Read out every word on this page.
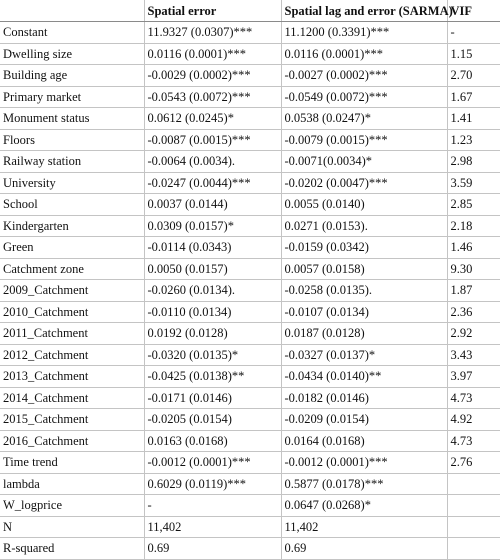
	Spatial error	Spatial lag and error (SARMA)	VIF
Constant	11.9327 (0.0307)***	11.1200 (0.3391)***	-
Dwelling size	0.0116 (0.0001)***	0.0116 (0.0001)***	1.15
Building age	-0.0029 (0.0002)***	-0.0027 (0.0002)***	2.70
Primary market	-0.0543 (0.0072)***	-0.0549 (0.0072)***	1.67
Monument status	0.0612 (0.0245)*	0.0538 (0.0247)*	1.41
Floors	-0.0087 (0.0015)***	-0.0079 (0.0015)***	1.23
Railway station	-0.0064 (0.0034).	-0.0071(0.0034)*	2.98
University	-0.0247 (0.0044)***	-0.0202 (0.0047)***	3.59
School	0.0037 (0.0144)	0.0055 (0.0140)	2.85
Kindergarten	0.0309 (0.0157)*	0.0271 (0.0153).	2.18
Green	-0.0114 (0.0343)	-0.0159 (0.0342)	1.46
Catchment zone	0.0050 (0.0157)	0.0057 (0.0158)	9.30
2009_Catchment	-0.0260 (0.0134).	-0.0258 (0.0135).	1.87
2010_Catchment	-0.0110 (0.0134)	-0.0107 (0.0134)	2.36
2011_Catchment	0.0192 (0.0128)	0.0187 (0.0128)	2.92
2012_Catchment	-0.0320 (0.0135)*	-0.0327 (0.0137)*	3.43
2013_Catchment	-0.0425 (0.0138)**	-0.0434 (0.0140)**	3.97
2014_Catchment	-0.0171 (0.0146)	-0.0182 (0.0146)	4.73
2015_Catchment	-0.0205 (0.0154)	-0.0209 (0.0154)	4.92
2016_Catchment	0.0163 (0.0168)	0.0164 (0.0168)	4.73
Time trend	-0.0012 (0.0001)***	-0.0012 (0.0001)***	2.76
lambda	0.6029 (0.0119)***	0.5877 (0.0178)***	
W_logprice	-	0.0647 (0.0268)*	
N	11,402	11,402	
R-squared	0.69	0.69	
